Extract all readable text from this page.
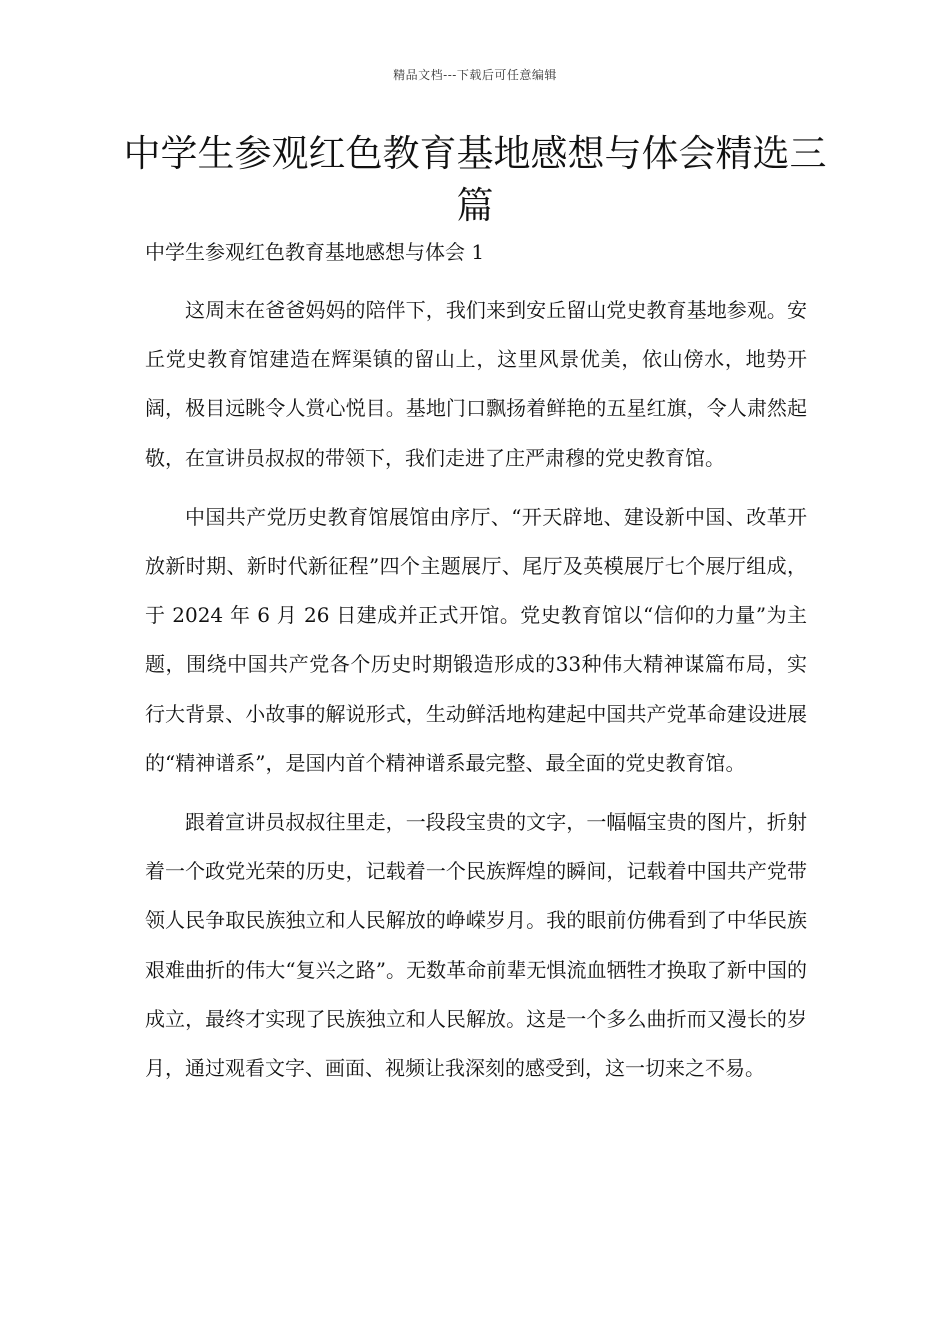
精品文档---下载后可任意编辑
中学生参观红色教育基地感想与体会精选三篇

中学生参观红色教育基地感想与体会 1

这周末在爸爸妈妈的陪伴下，我们来到安丘留山党史教育基地参观。安丘党史教育馆建造在辉渠镇的留山上，这里风景优美，依山傍水，地势开阔，极目远眺令人赏心悦目。基地门口飘扬着鲜艳的五星红旗，令人肃然起敬，在宣讲员叔叔的带领下，我们走进了庄严肃穆的党史教育馆。

中国共产党历史教育馆展馆由序厅、“开天辟地、建设新中国、改革开放新时期、新时代新征程”四个主题展厅、尾厅及英模展厅七个展厅组成，于 2024 年 6 月 26 日建成并正式开馆。党史教育馆以“信仰的力量”为主题，围绕中国共产党各个历史时期锻造形成的33种伟大精神谋篇布局，实行大背景、小故事的解说形式，生动鲜活地构建起中国共产党革命建设进展的“精神谱系”，是国内首个精神谱系最完整、最全面的党史教育馆。

跟着宣讲员叔叔往里走，一段段宝贵的文字，一幅幅宝贵的图片，折射着一个政党光荣的历史，记载着一个民族辉煌的瞬间，记载着中国共产党带领人民争取民族独立和人民解放的峥嵘岁月。我的眼前仿佛看到了中华民族艰难曲折的伟大“复兴之路”。无数革命前辈无惧流血牺牲才换取了新中国的成立，最终才实现了民族独立和人民解放。这是一个多么曲折而又漫长的岁月，通过观看文字、画面、视频让我深刻的感受到，这一切来之不易。
